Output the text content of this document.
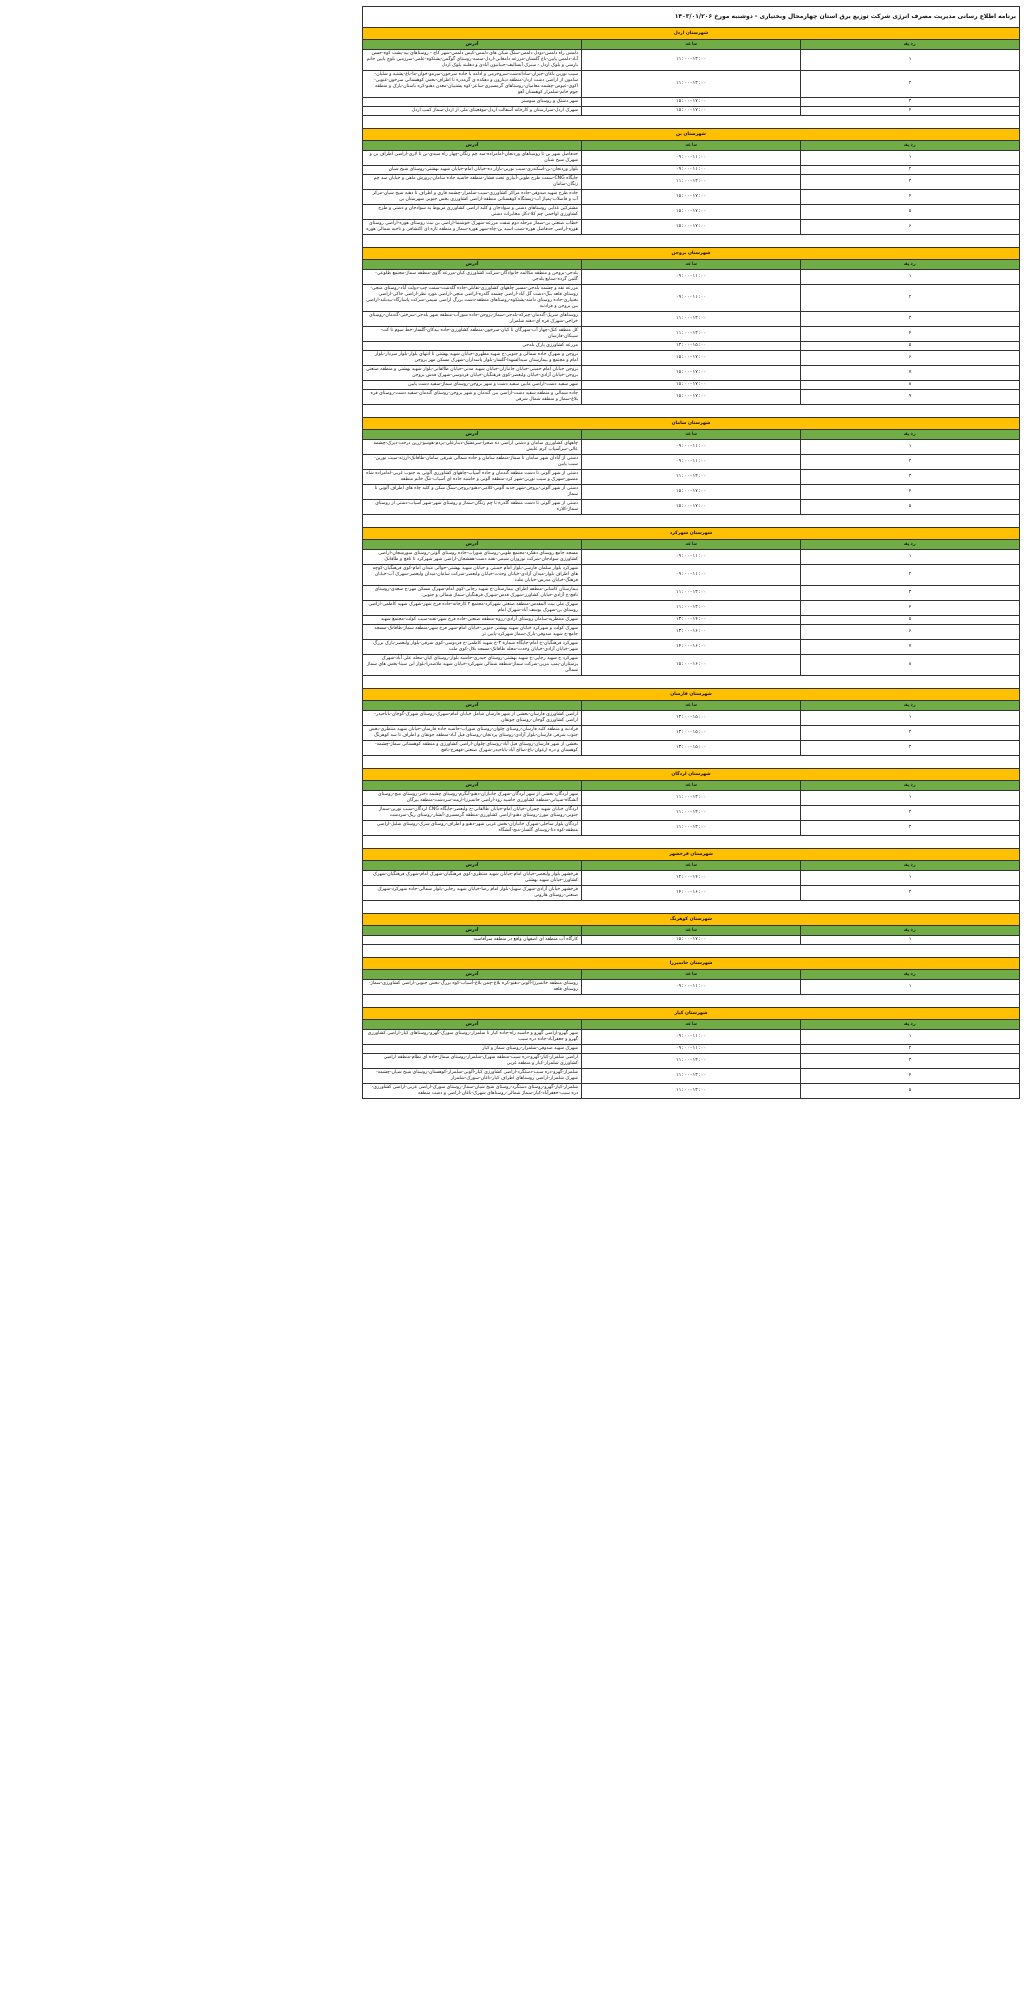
برنامه اطلاع رسانی مدیریت مصرف انرژی شرکت توزیع برق استان چهارمحال وبختیاری - دوشنبه مورخ ۱۴۰۳/۰۱/۲۰۶		
شهرستان اردل		
ردیف	ساعت	آدرس
۱	۱۱:۰۰-۱۳:۰۰	دلمس راه دلمس-دودل دلمس-سنگ شکن های دلمس-کیش دلمس-شهر کاج - روستاهای بید-پشت کوه-حسن آباد-دلمس پایین-باغ گلستان-مزرعه دامغانی-اردل-سمیه-روستای گوگمن-پشتکوه-علمی-سرزمین بلوچ پایین خانم بارشی و بلوک اردل - سبزک آبسالیف-جیبانیون آبادی و دهلبند بلوک اردل
۲	۱۱:۰۰-۱۳:۰۰	سیب نوربن باغان-جیزان-ساداتدشت-سروخرمی و ادامه با جاده سرخون-سرمو-خوان-ما-باغ-پشتیه و شلبان-سامون از اراضی دشت اردل-منطقه دینارون و دهکده ی گرمدره تا اطراف-بخش کوهستانی سرخون-غنوبی-اکوی-عیوض-چشمه معامیان-روستاهای گرمسیری-ساعر-کوه پشتیبان-معدن دهنو-کره باستان-پارک و منطقه جوم خانم-شلمزار کوهستان آهو
۳	۱۵:۰۰-۱۷:۰۰	شهر دشتک و روستای سوسنز
۴	۱۵:۰۰-۱۷:۰۰	شهرک اردل-سرارستان و کارخانه آسفالت اردل-موقعیتای ملی از اردل-سماژ کمپ اردل

شهرستان بن		
ردیف	ساعت	آدرس
۱	۰۹:۰۰-۱۱:۰۰	حدفاصل شهر بن تا روستاهای وردنجان-امامزاده-سد چم زنگان-چهار راه سیدی-بن تا لاری-اراضی اطراف بن و شهرک شیخ شبان
۲	۰۹:۰۰-۱۱:۰۰	بلوار وردنجان-بن-اسکندری-سیب نوربن-بازار ده-خیابان امام-خیابان شهید بهشتی-روستای شیخ شبان
۳	۱۱:۰۰-۱۳:۰۰	جایگاه CNG-سمت طرح طوبی-آبیاری تحت فشار-منطقه حاشیه جاده سامان-پرورش ماهی و خیابان سد چم زنگان-سامان
۴	۱۵:۰۰-۱۷:۰۰	جاده طرح شهید صدوقی-جاده مراکز کشاورزی-سیب-شلمزار-چشمه قاری و اطراف تا دهنه شیخ شبان-مرکز آب و فاضلاب-پمپاژ آب-زیستگاه کوهستانی منطقه-اراضی کشاورزی بخش جنوبی شهرستان بن
۵	۱۵:۰۰-۱۷:۰۰	مشترکین غذایی روستاهای دشتی و سوادجان و کلیه اراضی کشاورزی مربوط به سوادجان و دشتی و طرح کشاورزی اواخمی چم کلا-دکل مخابرات دشتی
۶	۱۵:۰۰-۱۷:۰۰	خطاب صنعتی بن-سماژ مرحله دوم شفت مزرعه-شهرک خوشنما-اراضی بن نبث روستای هوره-اراضی روستای هوره-اراضی حدفاصل هوره-نصب اسید بن-چاه-شهر هوره-سماژ و منطقه تازه ای اکتشافی و ناحیه شمالی هوره

شهرستان بروجن		
ردیف	ساعت	آدرس
۱	۰۹:۰۰-۱۱:۰۰	بلدجی-بروجن و منطقه مکالمه خانوادگان-شرکت کشاورزی کیان-مزرعه گاوی-منطقه سماژ-مجتمع طلوعی-گلمن گرده-صنایع بلدجی
۲	۰۹:۰۰-۱۱:۰۰	مزرعه نقه و چشمه بلدجی-مسیر چاههای کشاورزی-نقابلی-جاده گلدشت-سمت چپ-دولت آباد-روستای منجی-روستای قلعه بیگ-دشت گل آباد-اراضی چشمه گلدره-اراضی منجی-اراضی مورد نظر-اراضی خاکی-اراضی بختیاری-جاده روستای دامنه-پشتکوه-روستاهای منطقه-دشت بزرگ اراضی شیمی-شرکت پاسارگاد-بیدبلند-اراضی بین بروجن و فرادنبه
۳	۱۱:۰۰-۱۳:۰۰	روستاهای سرپل-گندمان-چیرکه-بلدجی-سماژ-بروجن-جاده شورآب-منطقه شهر بلدجی-سرخنی-گندمان-روستای خراجی-شهرک قره ای-دهنه شلمزار
۴	۱۱:۰۰-۱۳:۰۰	کل منطقه کتک-چهار آب-سهرگان تا کیان-سرخون-منطقه کشاورزی-جاده بیدکان-گلسار-خط سوم تا کت-سیبکان-فارسان
۵	۱۳:۰۰-۱۵:۰۰	مزرعه کشاورزی پارک بلدجی
۶	۱۵:۰۰-۱۷:۰۰	بروجن و شهرک جاده شمالی و جنوبی-خ شهید مطهری-خیابان شهید بهشتی تا انتهای بلوار-بلوار سردار-بلوار امام و مجتمع و بیمارستان سیدالشهدا-گلسار-بلوار پاسداران-شهرک مسکن مهر بروجن
۷	۱۵:۰۰-۱۷:۰۰	بروجن خیابان امام خمینی-خیابان جانبازان-خیابان شهید مدنی-خیابان طالقانی-بلوار شهید بهشتی و منطقه صنعتی بروجن-خیابان آزادی-خیابان ولیعصر-کوی فرهنگیان-خیابان فردوسی-شهرک قدس بروجن
۸	۱۵:۰۰-۱۷:۰۰	شهر سفید دشت-اراضی مابین سفید دشت و شهر بروجن-روستای سماژ-سفید دشت پایین
۹	۱۵:۰۰-۱۷:۰۰	جاده شمالی و منطقه سفید دشت-اراضی بین گندمان و شهر بروجن-روستای گندمان-سفید دشت-روستای قره بلاغ-سماژ و منطقه شمال شرقی

شهرستان سامان		
ردیف	ساعت	آدرس
۱	۰۹:۰۰-۱۱:۰۰	چاههای کشاورزی سامان و دشتی اراضی ده صحرا-سرمشک-دینارعلی-بردم-هوسو-زرین درخت-دیزک-چشمه عالی-سرآسیاب کرم علیش
۲	۰۹:۰۰-۱۱:۰۰	دشتی از آبادان شهر سامان تا سماژ-منطقه سامان و جاده شمالی شرقی سامان-طاقانک-ارزنه-سیب نوربن-سیب پایین
۳	۱۱:۰۰-۱۳:۰۰	دشتی از شهر آلونی تا دشت منطقه گندمان و جاده آسیاب-چاههای کشاورزی آلونی به جنوب غربی-امامزاده شاه منصور-شهرک و سیب نوربن-شهر کرد-منطقه آلونی و حاشیه جاده ای آسیاب-تنگ خانم منطقه
۴	۱۵:۰۰-۱۷:۰۰	دشتی از شهر آلونی-بروجن-شهر جدید آلونی-کلامی-دهنو-بروجن-سنگ شکن و کلیه چاه های اطراف آلونی تا سماژ
۵	۱۵:۰۰-۱۷:۰۰	دشتی از شهر آلونی تا دشت منطقه گلدره تا چم زنگان-سماژ و روستای شهر-شهر آسیاب-دشتی از روستای سماژ-کلاره

شهرستان شهرکرد		
ردیف	ساعت	آدرس
۱	۰۹:۰۰-۱۱:۰۰	مسجد جامع روستای دهکرد-مجتمع طوبی-روستای شوراب-جاده روستای آلونی-روستای سورشجان-اراضی کشاورزی سوادجان-شرکت نوروزان شیمی-نقنه دشت-هفشجان-اراضی شهر شهرکرد تا نافچ و طاقانک
۲	۰۹:۰۰-۱۱:۰۰	شهرکرد بلوار سلمان فارسی-بلوار امام خمینی و خیابان شهید بهشتی-حوالی میدان امام-کوی فرهنگیان-کوچه های اطراف بلوار-میدان آزادی-خیابان وحدت-خیابان ولیعصر-شرکت سامان-میدان ولیعصر-شهرک آب-خیابان فرهنگ-خیابان مدرس-خیابان ملت
۳	۱۱:۰۰-۱۳:۰۰	بیمارستان کاشانی-منطقه اطراف بیمارستان-خ شهید رجایی-کوی امام-شهرک مسکن مهر-خ سعدی-روستای نافچ-خ آزادی-خیابان کشاورز-شهرک قدس-شهرک فرهنگیان-سماژ شمالی و جنوبی
۴	۱۱:۰۰-۱۳:۰۰	شهرک ملی بیت المقدس-منطقه صنعتی شهرکرد-مجتمع ۲ کارخانه-جاده فرخ شهر-شهرک شهید کاظمی-اراضی روستای بن-شهرک یوسف آباد-شهرک امام
۵	۱۳:۰۰-۱۴:۰۰	شهرک منتظریه-سامان روستای آزادی-رزوه-منطقه صنعتی-جاده فرخ شهر-نقنه-سیب کولت-مجتمع شهید
۶	۱۳:۰۰-۱۶:۰۰	شهرک کولت و شهرکرد خیابان شهید بهشتی جنوبی-خیابان امام-شهر فرخ شهر-منطقه سماژ-طاقانک-مسجد جامع-خ شهید صدوقی-پارک-سماژ شهرکرد-پایین تر
۷	۱۴:۰۰-۱۶:۰۰	شهرکرد فرهنگیان-خ امام-جایگاه شماره ۳-خ شهید کاظمی-خ فردوسی-کوی شرقی-بلوار ولیعصر-پارک بزرگ شهر-خیابان آزادی-خیابان وحدت-محله طاقانک-مسجد بلال-کوی ملت
۸	۱۵:۰۰-۱۶:۰۰	شهرکرد خ شهید رجایی-خ شهید بهشتی-روستای حیدری-حاشیه بلوار-روستای کیان-محله علی آباد-شهرک پرستاران-پمپ بنزین-شرکت سماژ-منطقه شمالی شهرکرد-خیابان شهید ملاصدرا-بلوار ابن سینا-بخش های سماژ شمالی

شهرستان فارسان		
ردیف	ساعت	آدرس
۱	۱۳:۰۰-۱۵:۰۰	اراضی کشاورزی فارسان-بخشی از شهر فارسان شامل خیابان امام-شهرک-روستای شهرک-گوجان-باباحیدر-اراضی کشاورزی گوجان-روستای جونقان
۲	۱۳:۰۰-۱۵:۰۰	فرادنبه و منطقه کلیه فارسان-روستای چلوان-روستای شوراب-حاشیه جاده فارسان-خیابان شهید منتظری-بخش جنوب شرقی فارسان-بلوار آزادی-روستای پردنجان-روستای فیل آباد-منطقه جونقان و اطراف تا سد کوهرنگ
۳	۱۳:۰۰-۱۵:۰۰	بخشی از شهر فارسان-روستای فیل آباد-روستای چلوان-اراضی کشاورزی و منطقه کوهستانی سماژ-چشمه-کوهستان و دره ارغوان-باغ-صالح آباد-باباحیدر-شهرک صنعتی-قهفرخ-نافچ

شهرستان لردگان		
ردیف	ساعت	آدرس
۱	۱۱:۰۰-۱۳:۰۰	شهر لردگان-بخشی از شهر لردگان-شهرک جانبازان-دهنو-آبگرم-روستای چشمه دختر-روستای منج-روستای آتشگاه-شیبانی-منطقه کشاورزی حاشیه رود-اراضی خانمیرزا-ارمند-سردشت-منطقه بیرگان
۲	۱۱:۰۰-۱۳:۰۰	لردگان خیابان شهید چمران-خیابان امام-خیابان طالقانی-خ ولیعصر-جایگاه CNG لردگان-سیب نوربن-سماژ جنوبی-روستای مورز-روستای دهنو-اراضی کشاورزی-منطقه گرمسیری-آبشار-روستای ریگ-سردشت
۳	۱۱:۰۰-۱۳:۰۰	لردگان بلوار ساحلی-شهرک جانبازان-بخش غربی شهر-دهنو و اطراف-روستای سرک-روستای شلیل-اراضی منطقه-کوه دنا-روستای گلسار-منج-آتشگاه

شهرستان فرخشهر		
ردیف	ساعت	آدرس
۱	۱۲:۰۰-۱۴:۰۰	فرخشهر بلوار ولیعصر-خیابان امام-خیابان شهید منتظری-کوی فرهنگیان-شهرک امام-شهرک فرهنگیان-شهرک کشاورز-خیابان شهید بهشتی
۲	۱۴:۰۰-۱۶:۰۰	فرخشهر خیابان آزادی-شهرک سهیل-بلوار امام رضا-خیابان شهید رجایی-بلوار شمالی-جاده شهرکرد-شهرک صنعتی-روستای هارونی

شهرستان کوهرنگ		
ردیف	ساعت	آدرس
۱	۱۵:۰۰-۱۷:۰۰	کارگاه آب منطقه ای اصفهان واقع در منطقه سرآقاسید

شهرستان خانمیرزا		
ردیف	ساعت	آدرس
۱	۰۹:۰۰-۱۱:۰۰	روستای منطقه خانمیرزا-آلونی-دهنو-کره بلاغ-چمن بلاغ-آسیاب-کوه بزرگ-بخش جنوبی-اراضی کشاورزی-سماژ-روستای قلعه

شهرستان کیار		
ردیف	ساعت	آدرس
۱	۰۹:۰۰-۱۱:۰۰	شهر گهرو-اراضی گهرو و حاشیه راه-جاده کیار تا شلمزار-روستای سورک-گهرو-روستاهای کیار-اراضی کشاورزی گهرو و جعفرآباد-جاده دره سیب
۲	۰۹:۰۰-۱۱:۰۰	شهرک شهید صدوقی-شلمزار-روستای سماژ و کیار
۳	۱۱:۰۰-۱۳:۰۰	اراضی شلمزار-کیار-گهرو-دره سیب-منطقه شهرک-شلمزار-روستای سماژ-جاده ای نظام-منطقه اراضی کشاورزی شلمزار-کیار و منطقه غربی
۴	۱۱:۰۰-۱۳:۰۰	شلمزار-گهرو-دره سیب-دستگرد-اراضی کشاورزی کیار-آلونی-شلمزار-کوهستان-روستای شیخ شبان-چشمه-شهرک شلمزار-اراضی روستاهای اطراف کیار-ناغان-سورک-شلمزار
۵	۱۱:۰۰-۱۳:۰۰	شلمزار-کیار-گهرو-روستای دستگرد-روستای شیخ شبان-سماژ-روستای سورک-اراضی غربی-اراضی کشاورزی-دره سیب-جعفرآباد-کیار-سماژ شمالی-روستاهای شهرک-ناغان-اراضی و دشت منطقه
